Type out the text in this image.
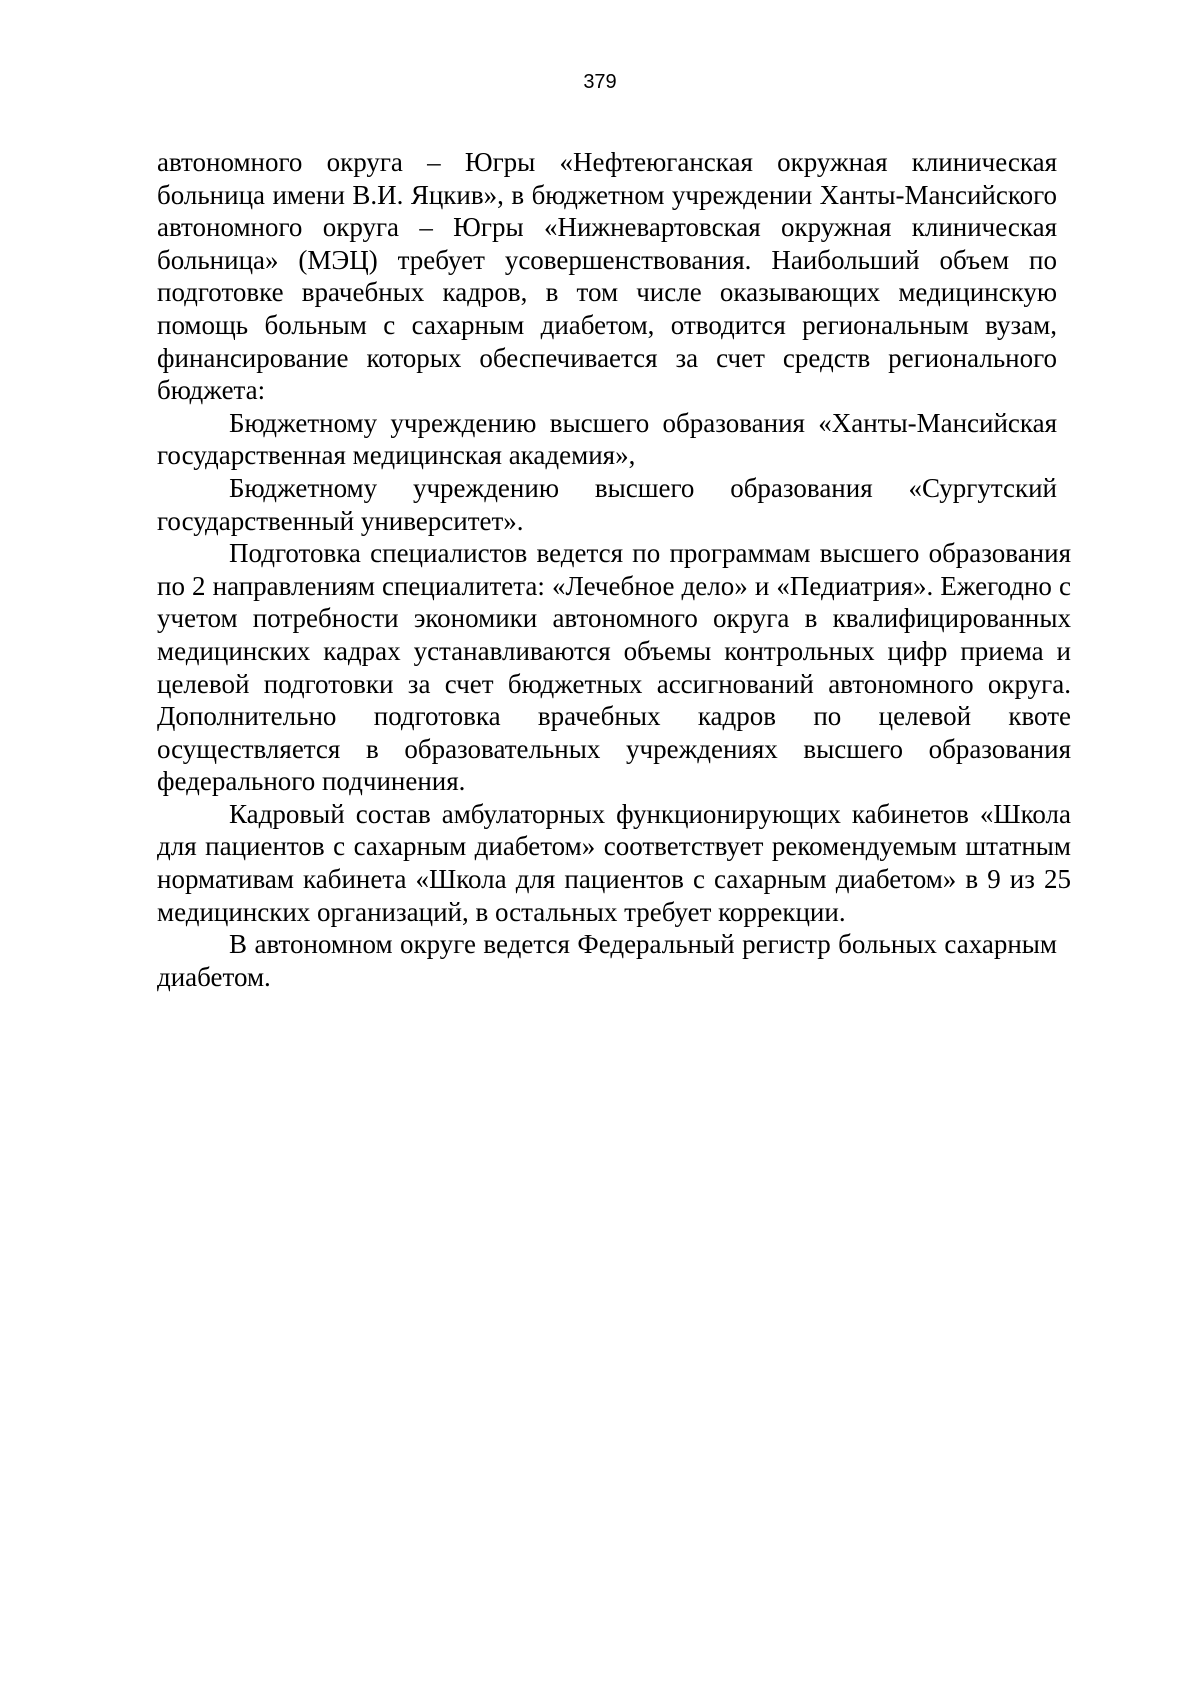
379

автономного округа – Югры «Нефтеюганская окружная клиническая больница имени В.И. Яцкив», в бюджетном учреждении Ханты-Мансийского автономного округа – Югры «Нижневартовская окружная клиническая больница» (МЭЦ) требует усовершенствования. Наибольший объем по подготовке врачебных кадров, в том числе оказывающих медицинскую помощь больным с сахарным диабетом, отводится региональным вузам, финансирование которых обеспечивается за счет средств регионального бюджета:

Бюджетному учреждению высшего образования «Ханты-Мансийская государственная медицинская академия»,

Бюджетному учреждению высшего образования «Сургутский государственный университет».

Подготовка специалистов ведется по программам высшего образования по 2 направлениям специалитета: «Лечебное дело» и «Педиатрия». Ежегодно с учетом потребности экономики автономного округа в квалифицированных медицинских кадрах устанавливаются объемы контрольных цифр приема и целевой подготовки за счет бюджетных ассигнований автономного округа. Дополнительно подготовка врачебных кадров по целевой квоте осуществляется в образовательных учреждениях высшего образования федерального подчинения.

Кадровый состав амбулаторных функционирующих кабинетов «Школа для пациентов с сахарным диабетом» соответствует рекомендуемым штатным нормативам кабинета «Школа для пациентов с сахарным диабетом» в 9 из 25 медицинских организаций, в остальных требует коррекции.

В автономном округе ведется Федеральный регистр больных сахарным диабетом.
